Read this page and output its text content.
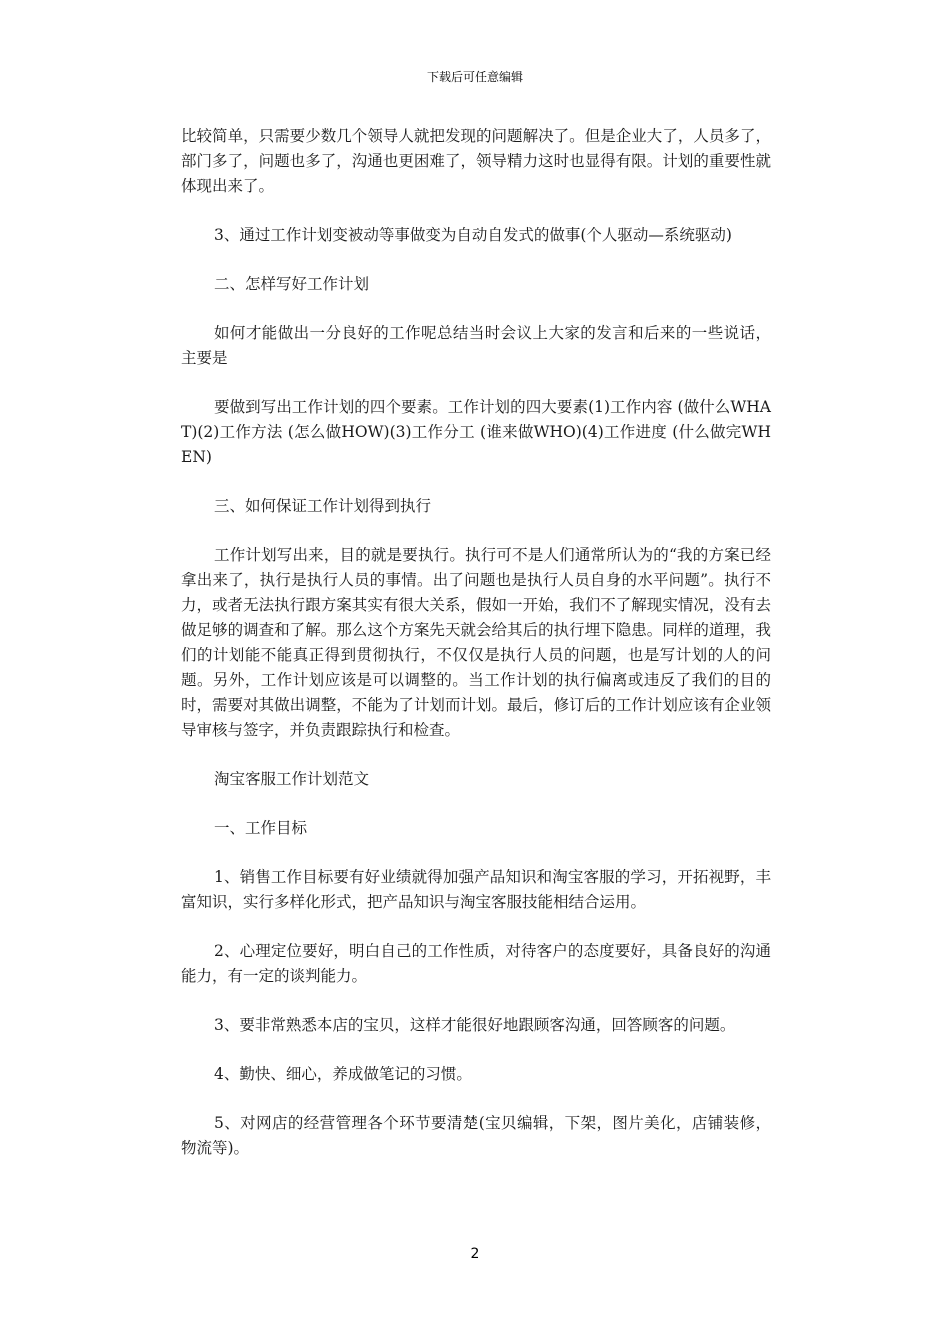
下载后可任意编辑

比较简单，只需要少数几个领导人就把发现的问题解决了。但是企业大了，人员多了，部门多了，问题也多了，沟通也更困难了，领导精力这时也显得有限。计划的重要性就体现出来了。

3、通过工作计划变被动等事做变为自动自发式的做事(个人驱动—系统驱动)

二、怎样写好工作计划

如何才能做出一分良好的工作呢总结当时会议上大家的发言和后来的一些说话，主要是

要做到写出工作计划的四个要素。工作计划的四大要素(1)工作内容 (做什么WHAT)(2)工作方法 (怎么做HOW)(3)工作分工 (谁来做WHO)(4)工作进度 (什么做完WHEN)

三、如何保证工作计划得到执行

工作计划写出来，目的就是要执行。执行可不是人们通常所认为的“我的方案已经拿出来了，执行是执行人员的事情。出了问题也是执行人员自身的水平问题”。执行不力，或者无法执行跟方案其实有很大关系，假如一开始，我们不了解现实情况，没有去做足够的调查和了解。那么这个方案先天就会给其后的执行埋下隐患。同样的道理，我们的计划能不能真正得到贯彻执行，不仅仅是执行人员的问题，也是写计划的人的问题。另外，工作计划应该是可以调整的。当工作计划的执行偏离或违反了我们的目的时，需要对其做出调整，不能为了计划而计划。最后，修订后的工作计划应该有企业领导审核与签字，并负责跟踪执行和检查。

淘宝客服工作计划范文

一、工作目标

1、销售工作目标要有好业绩就得加强产品知识和淘宝客服的学习，开拓视野，丰富知识，实行多样化形式，把产品知识与淘宝客服技能相结合运用。

2、心理定位要好，明白自己的工作性质，对待客户的态度要好，具备良好的沟通能力，有一定的谈判能力。

3、要非常熟悉本店的宝贝，这样才能很好地跟顾客沟通，回答顾客的问题。

4、勤快、细心，养成做笔记的习惯。

5、对网店的经营管理各个环节要清楚(宝贝编辑，下架，图片美化，店铺装修，物流等)。

2
